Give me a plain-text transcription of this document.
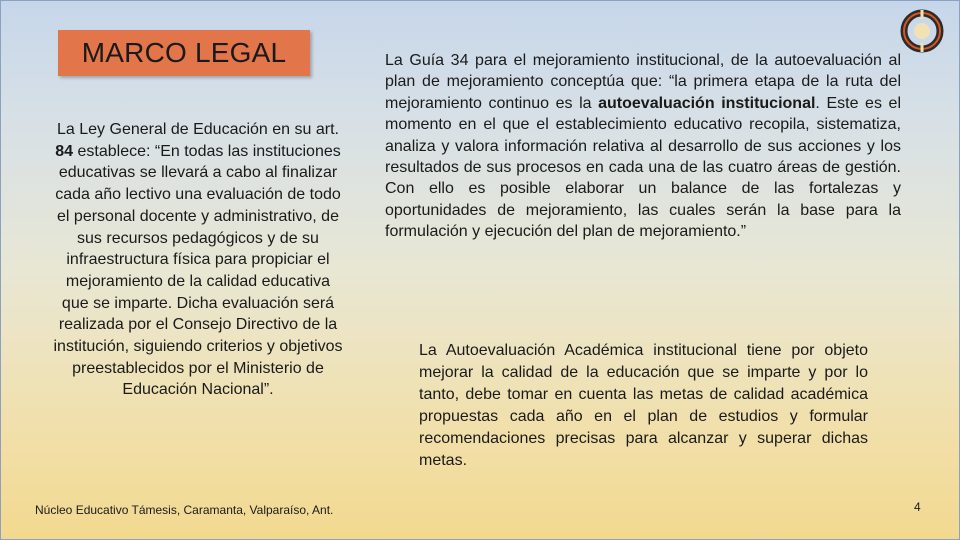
MARCO LEGAL
La Ley General de Educación en su art. 84 establece: “En todas las instituciones educativas se llevará a cabo al finalizar cada año lectivo una evaluación de todo el personal docente y administrativo, de sus recursos pedagógicos y de su infraestructura física para propiciar el mejoramiento de la calidad educativa que se imparte. Dicha evaluación será realizada por el Consejo Directivo de la institución, siguiendo criterios y objetivos preestablecidos por el Ministerio de Educación Nacional”.
La Guía 34 para el mejoramiento institucional, de la autoevaluación al plan de mejoramiento conceptúa que: “la primera etapa de la ruta del mejoramiento continuo es la autoevaluación institucional. Este es el momento en el que el establecimiento educativo recopila, sistematiza, analiza y valora información relativa al desarrollo de sus acciones y los resultados de sus procesos en cada una de las cuatro áreas de gestión. Con ello es posible elaborar un balance de las fortalezas y oportunidades de mejoramiento, las cuales serán la base para la formulación y ejecución del plan de mejoramiento.”
La Autoevaluación Académica institucional tiene por objeto mejorar la calidad de la educación que se imparte y por lo tanto, debe tomar en cuenta las metas de calidad académica propuestas cada año en el plan de estudios y formular recomendaciones precisas para alcanzar y superar dichas metas.
Núcleo Educativo Támesis, Caramanta, Valparaíso, Ant.	4
